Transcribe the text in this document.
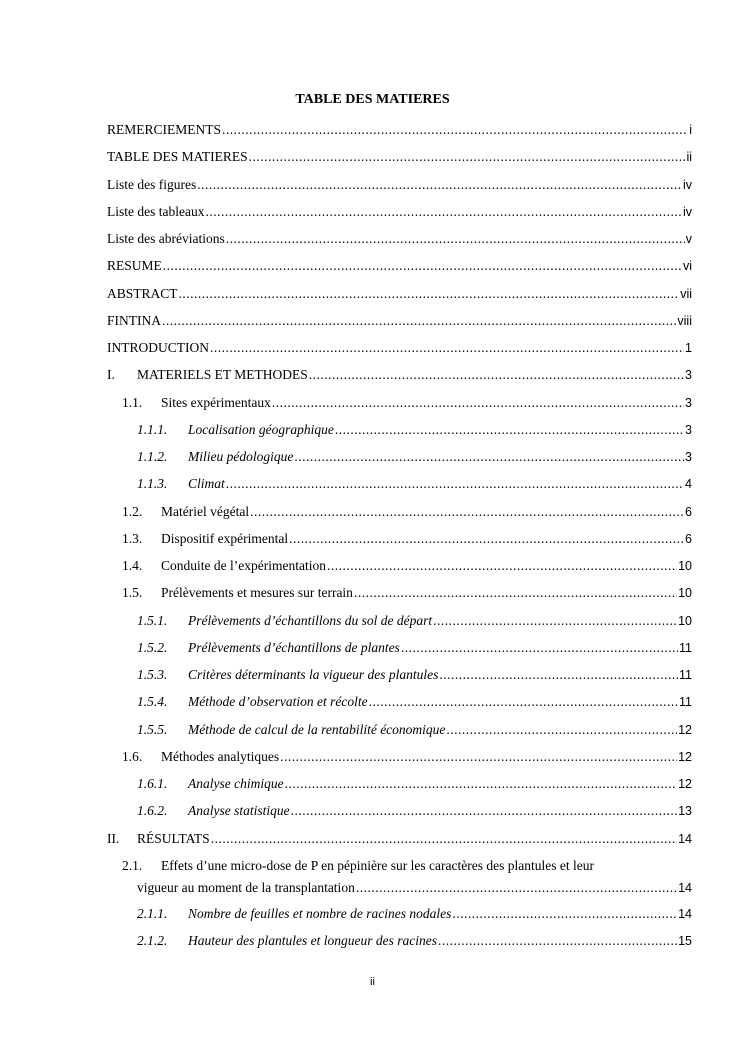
TABLE DES MATIERES
REMERCIEMENTS .....	i
TABLE DES MATIERES .....	ii
Liste des figures .....	iv
Liste des tableaux .....	iv
Liste des abréviations .....	v
RESUME .....	vi
ABSTRACT .....	vii
FINTINA .....	viii
INTRODUCTION .....	1
I.	MATERIELS ET METHODES .....	3
1.1.	Sites expérimentaux .....	3
1.1.1.	Localisation géographique .....	3
1.1.2.	Milieu pédologique .....	3
1.1.3.	Climat .....	4
1.2.	Matériel végétal .....	6
1.3.	Dispositif expérimental .....	6
1.4.	Conduite de l’expérimentation .....	10
1.5.	Prélèvements et mesures sur terrain .....	10
1.5.1.	Prélèvements d’échantillons du sol de départ .....	10
1.5.2.	Prélèvements d’échantillons de plantes .....	11
1.5.3.	Critères déterminants la vigueur des plantules .....	11
1.5.4.	Méthode d’observation et récolte .....	11
1.5.5.	Méthode de calcul de la rentabilité économique .....	12
1.6.	Méthodes analytiques .....	12
1.6.1.	Analyse chimique .....	12
1.6.2.	Analyse statistique .....	13
II.	RÉSULTATS .....	14
2.1.	Effets d’une micro-dose de P en pépinière sur les caractères des plantules et leur
vigueur au moment de la transplantation .....	14
2.1.1.	Nombre de feuilles et nombre de racines nodales .....	14
2.1.2.	Hauteur des plantules et longueur des racines .....	15
ii
